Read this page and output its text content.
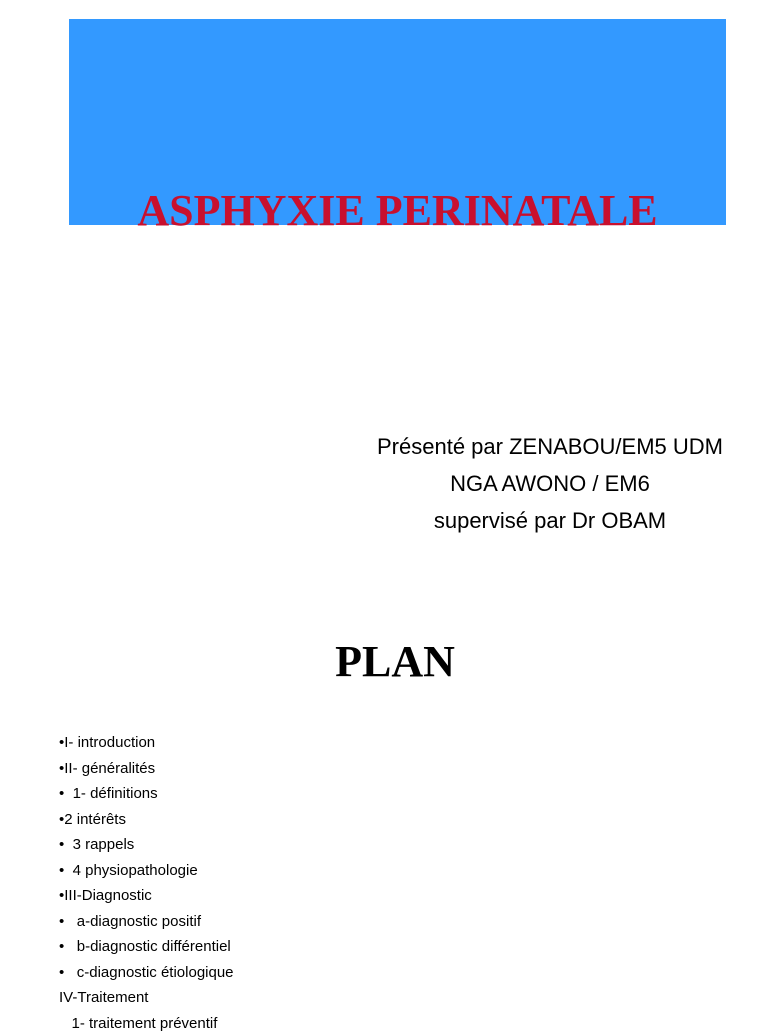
ASPHYXIE PERINATALE
Présenté par ZENABOU/EM5 UDM
NGA AWONO / EM6
supervisé par Dr OBAM
PLAN
•I- introduction
•II- généralités
•  1- définitions
•2 intérêts
•  3 rappels
•  4 physiopathologie
•III-Diagnostic
•   a-diagnostic positif
•   b-diagnostic différentiel
•   c-diagnostic étiologique
IV-Traitement
1- traitement préventif
